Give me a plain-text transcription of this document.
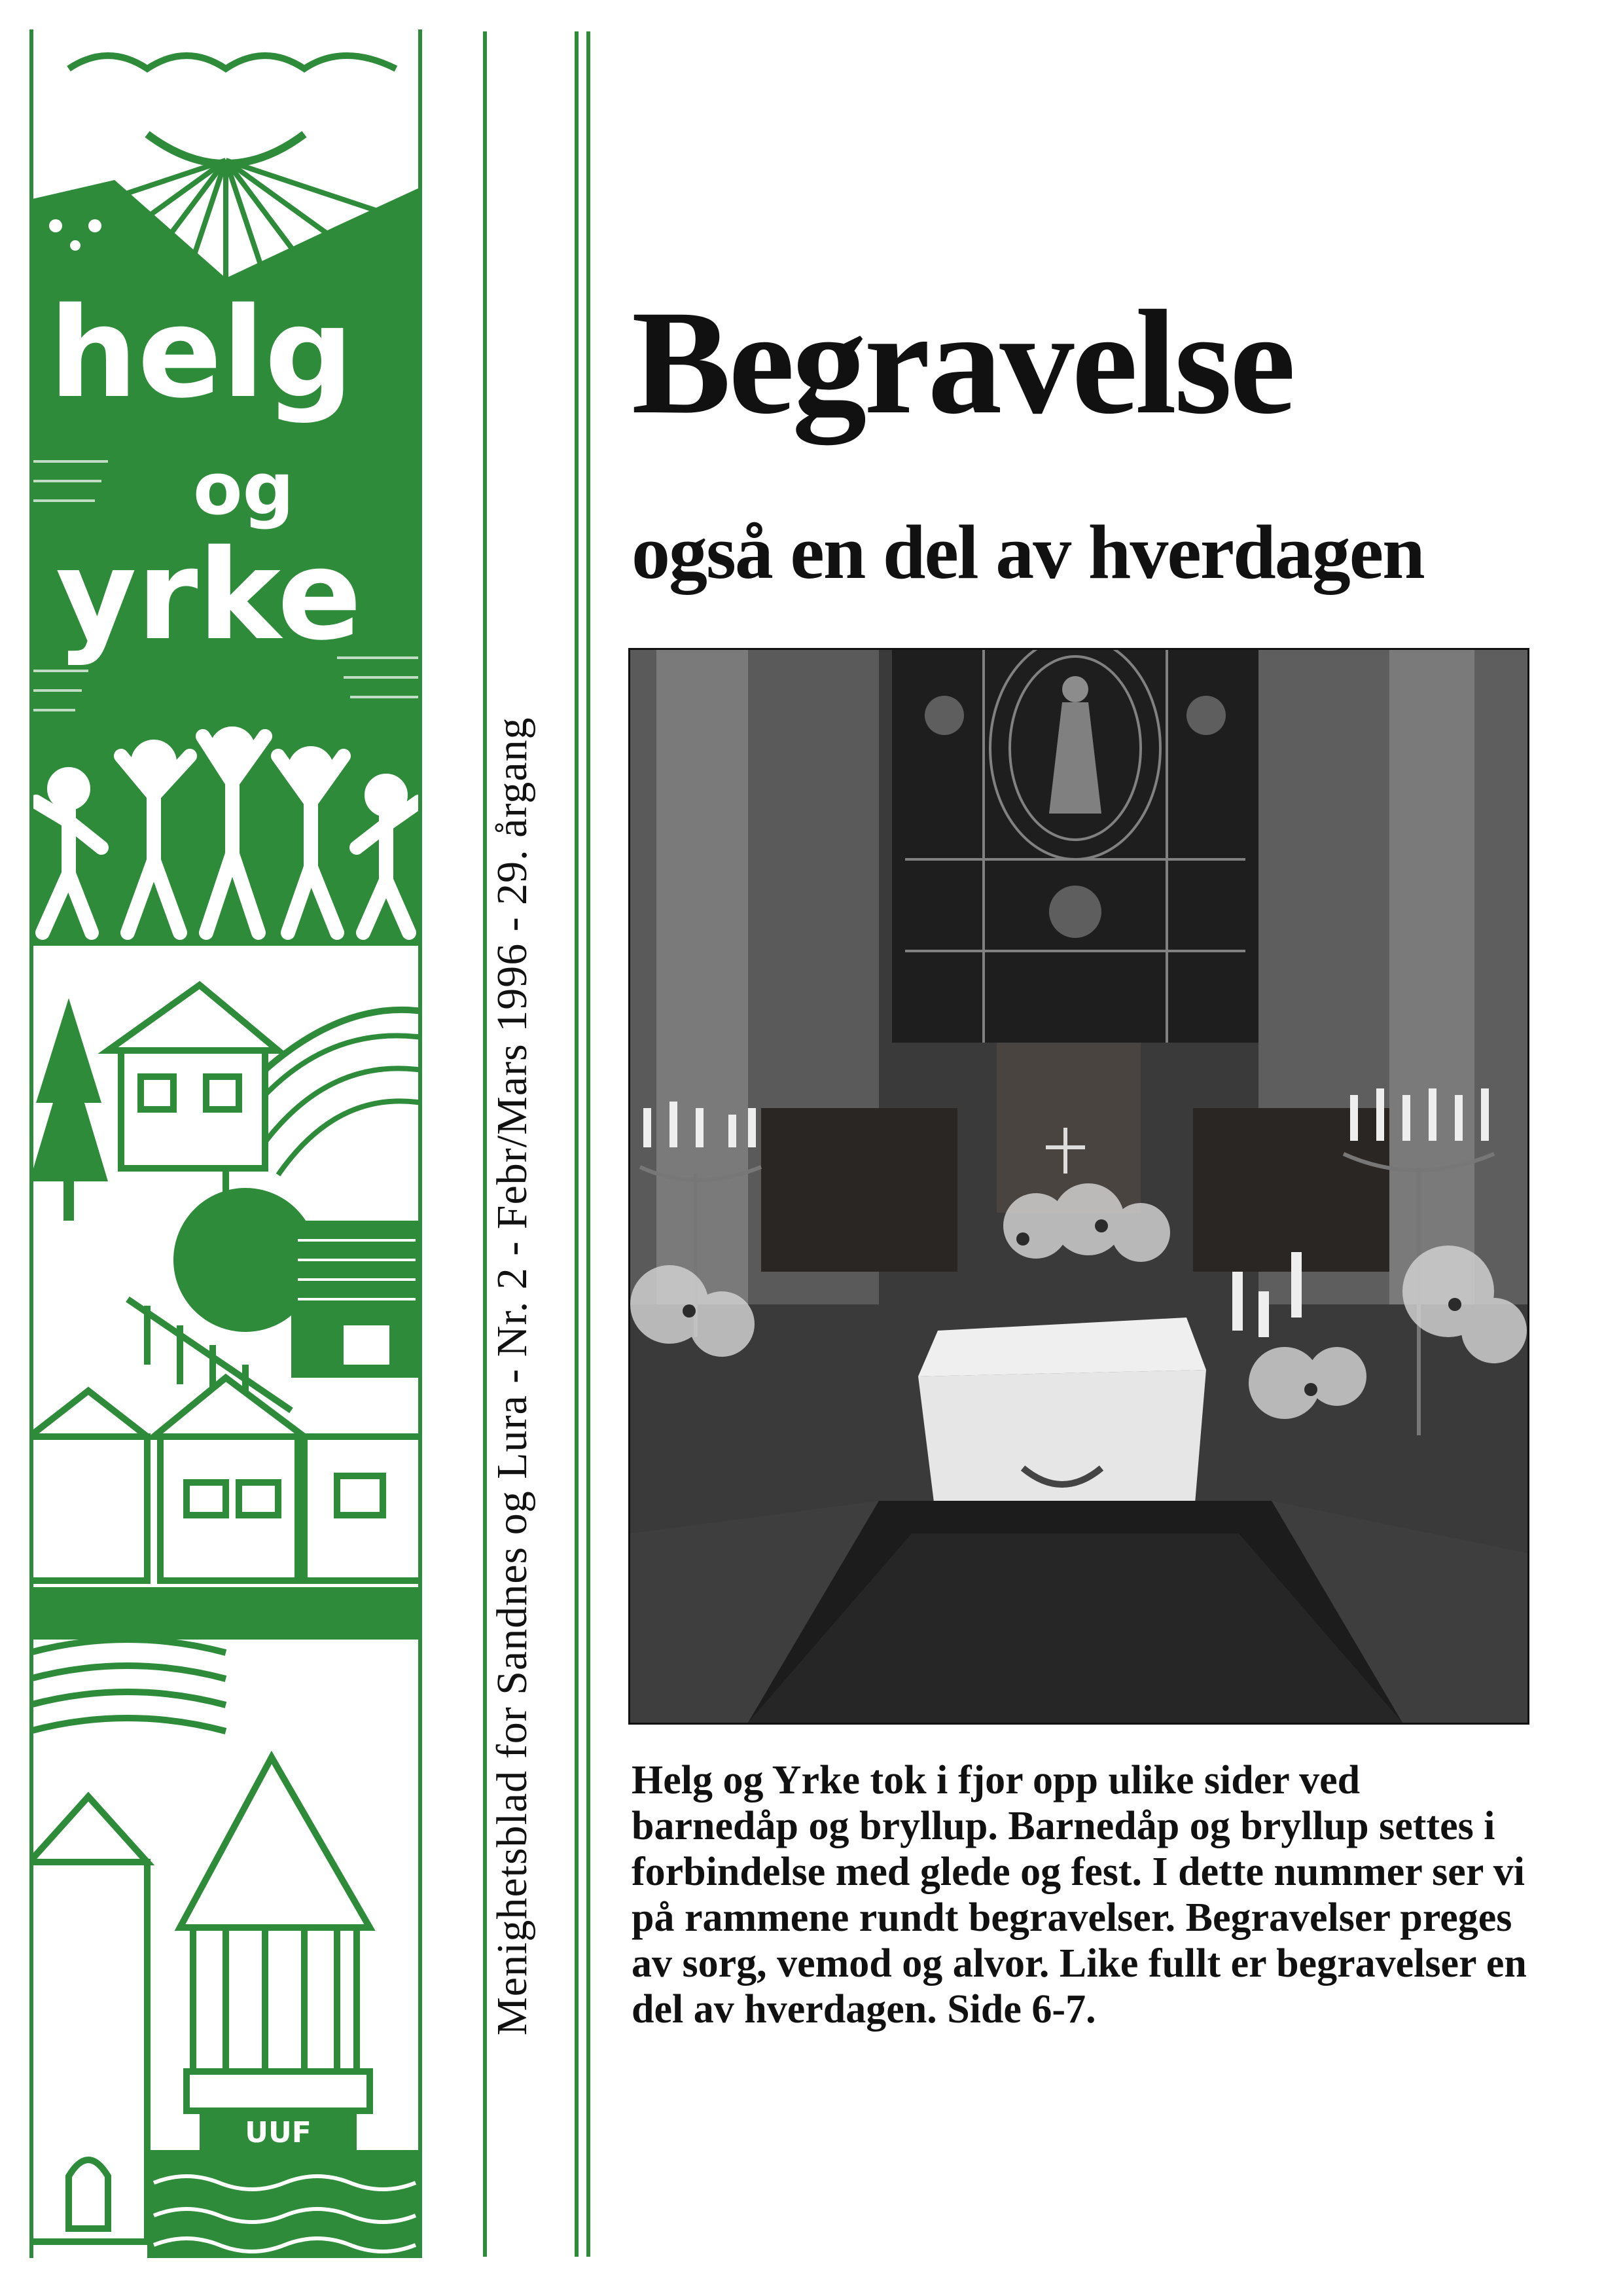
helg
og
yrke
UUF
Menighetsblad for Sandnes og Lura - Nr. 2 - Febr/Mars 1996 - 29. årgang
Begravelse
også en del av hverdagen
Helg og Yrke tok i fjor opp ulike sider ved barnedåp og bryllup. Barnedåp og bryllup settes i forbindelse med glede og fest. I dette nummer ser vi på rammene rundt begravelser. Begravelser preges av sorg, vemod og alvor. Like fullt er begravelser en del av hverdagen. Side 6-7.
